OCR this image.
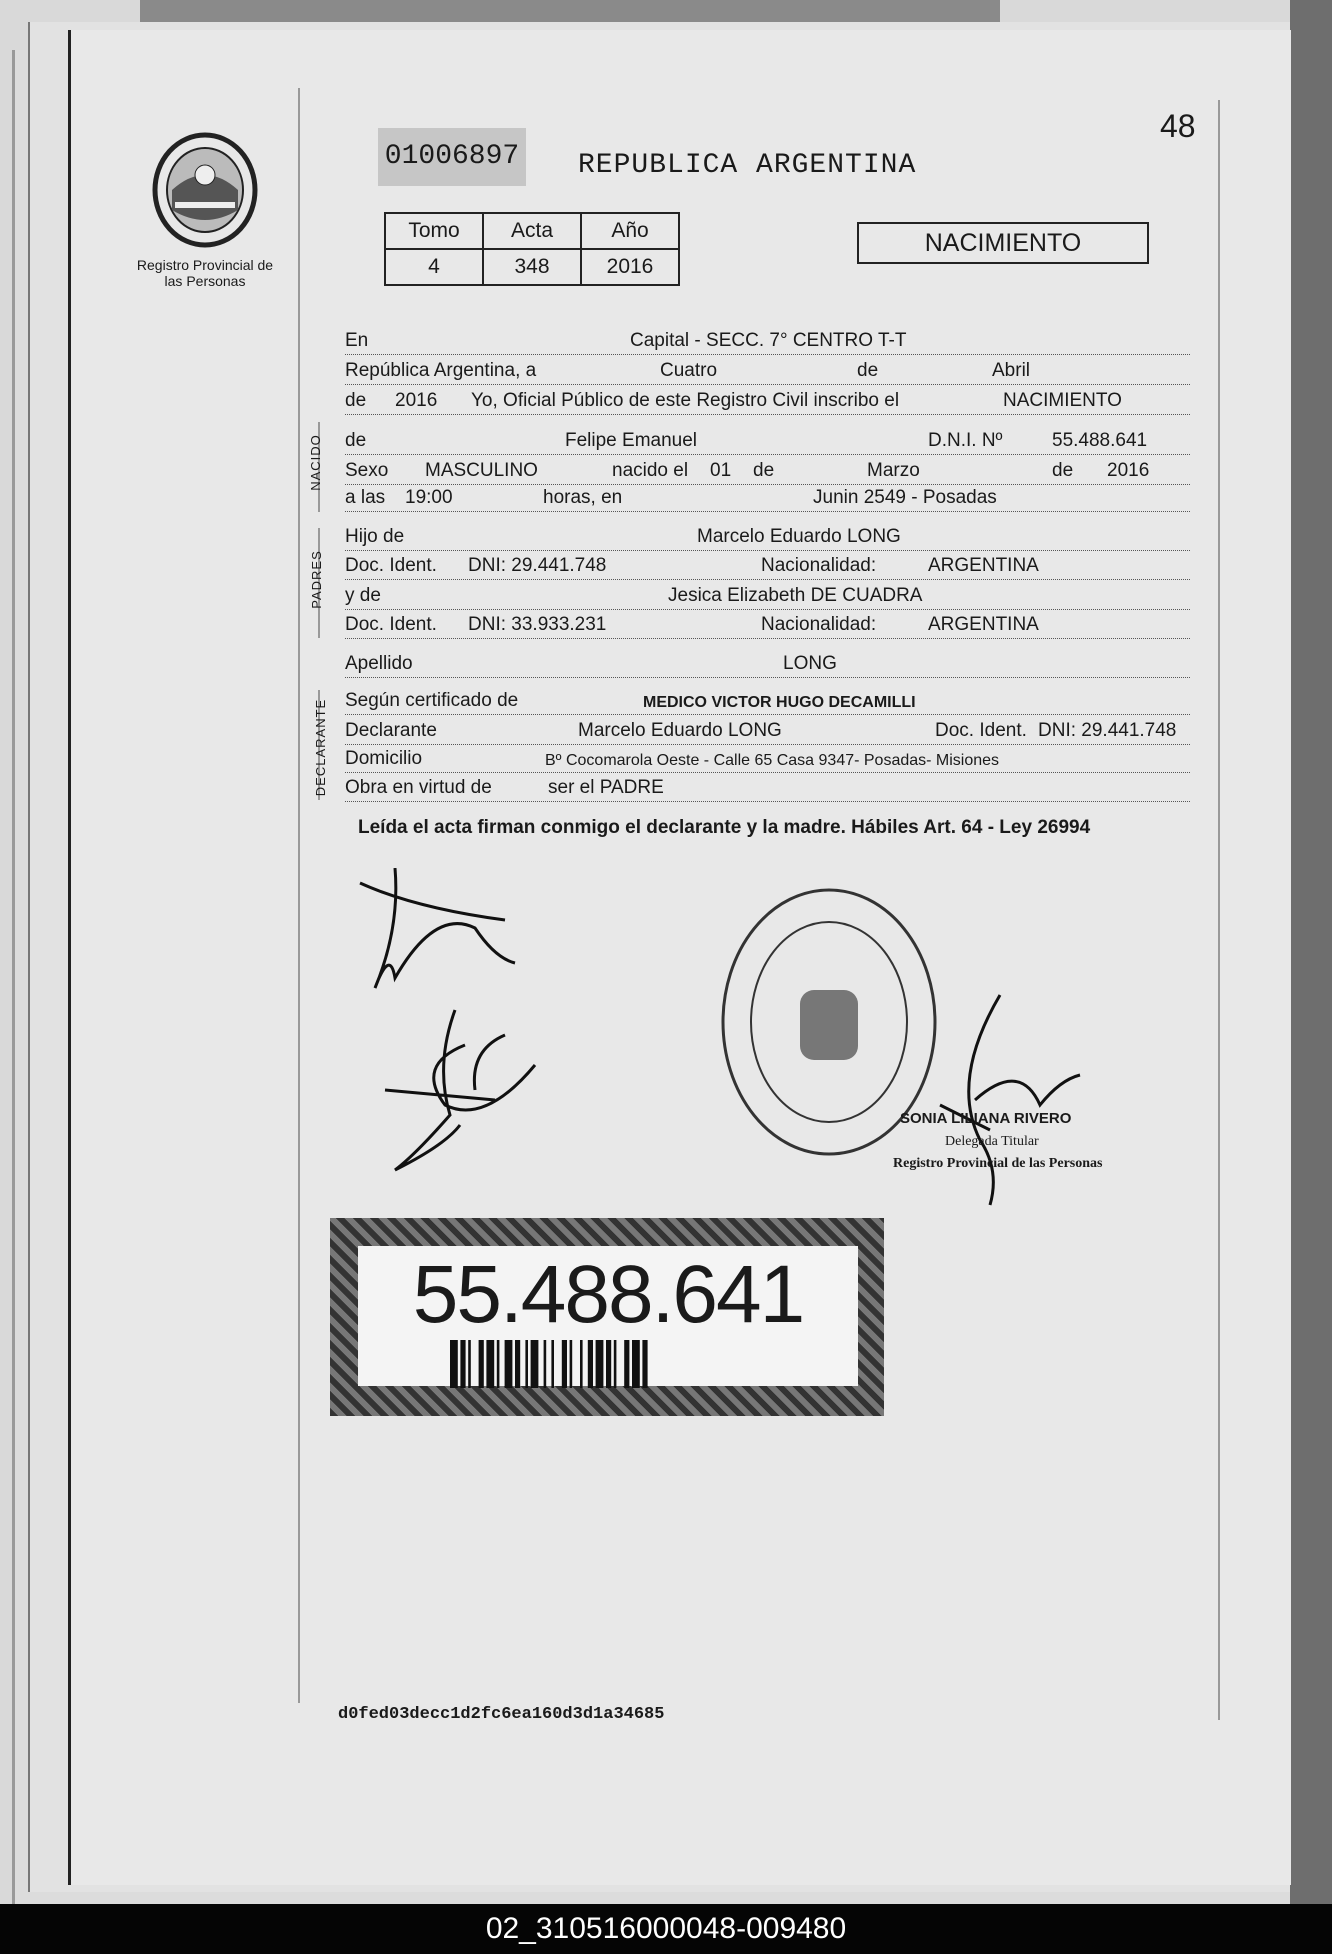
Registro Provincial de las Personas
01006897 REPUBLICA ARGENTINA
48
Tomo	Acta	Año
4	348	2016
NACIMIENTO
En	Capital - SECC. 7° CENTRO T-T
República Argentina, a	Cuatro	de	Abril
de 2016 Yo, Oficial Público de este Registro Civil inscribo el	NACIMIENTO
NACIDO de	Felipe Emanuel	D.N.I. Nº	55.488.641
Sexo MASCULINO	nacido el 01 de	Marzo	de 2016
a las 19:00	horas, en	Junin 2549 - Posadas
PADRES
Hijo de	Marcelo Eduardo LONG
Doc. Ident. DNI: 29.441.748	Nacionalidad:	ARGENTINA
y de	Jesica Elizabeth DE CUADRA
Doc. Ident. DNI: 33.933.231	Nacionalidad:	ARGENTINA
Apellido	LONG
DECLARANTE Según certificado de	MEDICO VICTOR HUGO DECAMILLI
Declarante	Marcelo Eduardo LONG	Doc. Ident. DNI: 29.441.748
Domicilio	Bº Cocomarola Oeste - Calle 65 Casa 9347- Posadas- Misiones
Obra en virtud de	ser el PADRE
Leída el acta firman conmigo el declarante y la madre. Hábiles Art. 64 - Ley 26994
SONIA LILIANA RIVERO
Delegada Titular
Registro Provincial de las Personas
55.488.641
d0fed03decc1d2fc6ea160d3d1a34685
02_310516000048-009480
